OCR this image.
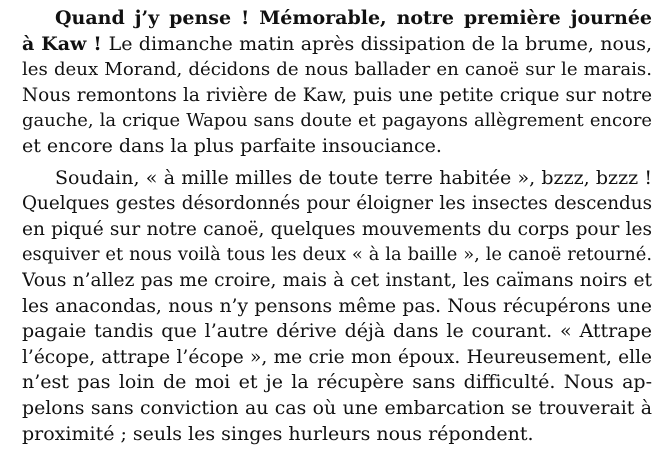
Quand j’y pense ! Mémorable, notre première journée
à Kaw ! Le dimanche matin après dissipation de la brume, nous,
les deux Morand, décidons de nous ballader en canoë sur le marais.
Nous remontons la rivière de Kaw, puis une petite crique sur notre
gauche, la crique Wapou sans doute et pagayons allègrement encore
et encore dans la plus parfaite insouciance.
Soudain, « à mille milles de toute terre habitée », bzzz, bzzz !
Quelques gestes désordonnés pour éloigner les insectes descendus
en piqué sur notre canoë, quelques mouvements du corps pour les
esquiver et nous voilà tous les deux « à la baille », le canoë retourné.
Vous n’allez pas me croire, mais à cet instant, les caïmans noirs et
les anacondas, nous n’y pensons même pas. Nous récupérons une
pagaie tandis que l’autre dérive déjà dans le courant. « Attrape
l’écope, attrape l’écope », me crie mon époux. Heureusement, elle
n’est pas loin de moi et je la récupère sans difficulté. Nous ap-
pelons sans conviction au cas où une embarcation se trouverait à
proximité ; seuls les singes hurleurs nous répondent.
